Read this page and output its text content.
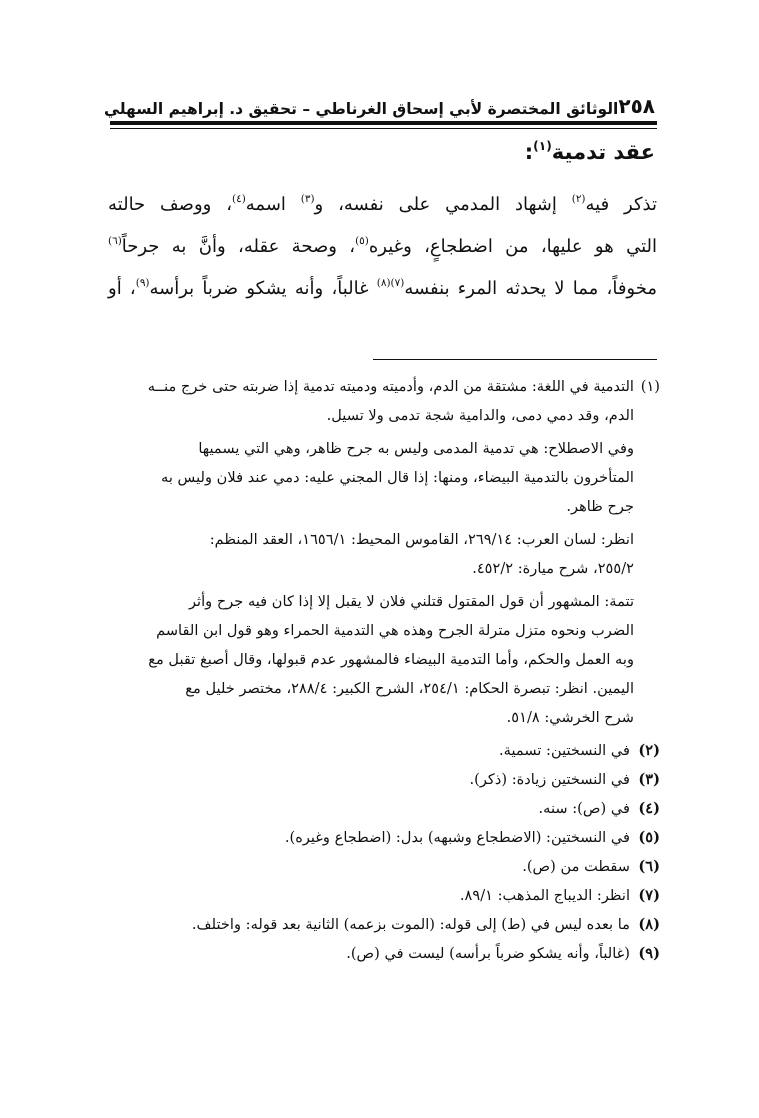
٢٥٨
الوثائق المختصرة لأبي إسحاق الغرناطي – تحقيق د. إبراهيم السهلي
عقد تدمية$^{(١)}$:
تذكر فيه$^{(٢)}$ إشهاد المدمي على نفسه، و$^{(٣)}$ اسمه$^{(٤)}$، ووصف حالته
التي هو عليها، من اضطجاعٍ، وغيره$^{(٥)}$، وصحة عقله، وأنَّ به جرحاً$^{(٦)}$
مخوفاً، مما لا يحدثه المرء بنفسه$^{(٧)(٨)}$ غالباً، وأنه يشكو ضرباً برأسه$^{(٩)}$، أو
(١)
التدمية في اللغة: مشتقة من الدم، وأدميته ودميته تدمية إذا ضربته حتى خرج منــه
الدم، وقد دمي دمى، والدامية شجة تدمى ولا تسيل.
وفي الاصطلاح: هي تدمية المدمى وليس به جرح ظاهر، وهي التي يسميها
المتأخرون بالتدمية البيضاء، ومنها: إذا قال المجني عليه: دمي عند فلان وليس به
جرح ظاهر.
انظر: لسان العرب: ٢٦٩/١٤، القاموس المحيط: ١٦٥٦/١، العقد المنظم:
٢٥٥/٢، شرح ميارة: ٤٥٢/٢.
تتمة: المشهور أن قول المقتول قتلني فلان لا يقبل إلا إذا كان فيه جرح وأثر
الضرب ونحوه متزل مترلة الجرح وهذه هي التدمية الحمراء وهو قول ابن القاسم
وبه العمل والحكم، وأما التدمية البيضاء فالمشهور عدم قبولها، وقال أصبغ تقبل مع
اليمين. انظر: تبصرة الحكام: ٢٥٤/١، الشرح الكبير: ٢٨٨/٤، مختصر خليل مع
شرح الخرشي: ٥١/٨.
(٢)
في النسختين: تسمية.
(٣)
في النسختين زيادة: (ذكر).
(٤)
في (ص): سنه.
(٥)
في النسختين: (الاضطجاع وشبهه) بدل: (اضطجاع وغيره).
(٦)
سقطت من (ص).
(٧)
انظر: الديباج المذهب: ٨٩/١.
(٨)
ما بعده ليس في (ط) إلى قوله: (الموت بزعمه) الثانية بعد قوله: واختلف.
(٩)
(غالباً، وأنه يشكو ضرباً برأسه) ليست في (ص).
